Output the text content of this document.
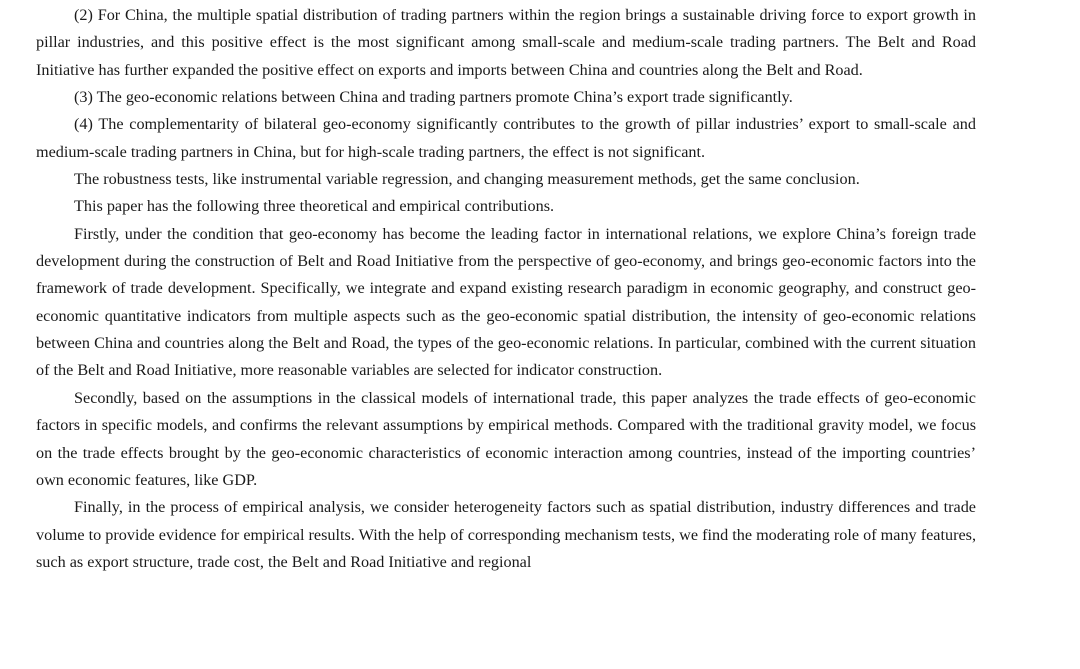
(2) For China, the multiple spatial distribution of trading partners within the region brings a sustainable driving force to export growth in pillar industries, and this positive effect is the most significant among small-scale and medium-scale trading partners. The Belt and Road Initiative has further expanded the positive effect on exports and imports between China and countries along the Belt and Road.

(3) The geo-economic relations between China and trading partners promote China’s export trade significantly.

(4) The complementarity of bilateral geo-economy significantly contributes to the growth of pillar industries’ export to small-scale and medium-scale trading partners in China, but for high-scale trading partners, the effect is not significant.

The robustness tests, like instrumental variable regression, and changing measurement methods, get the same conclusion.

This paper has the following three theoretical and empirical contributions.

Firstly, under the condition that geo-economy has become the leading factor in international relations, we explore China’s foreign trade development during the construction of Belt and Road Initiative from the perspective of geo-economy, and brings geo-economic factors into the framework of trade development. Specifically, we integrate and expand existing research paradigm in economic geography, and construct geo-economic quantitative indicators from multiple aspects such as the geo-economic spatial distribution, the intensity of geo-economic relations between China and countries along the Belt and Road, the types of the geo-economic relations. In particular, combined with the current situation of the Belt and Road Initiative, more reasonable variables are selected for indicator construction.

Secondly, based on the assumptions in the classical models of international trade, this paper analyzes the trade effects of geo-economic factors in specific models, and confirms the relevant assumptions by empirical methods. Compared with the traditional gravity model, we focus on the trade effects brought by the geo-economic characteristics of economic interaction among countries, instead of the importing countries’ own economic features, like GDP.

Finally, in the process of empirical analysis, we consider heterogeneity factors such as spatial distribution, industry differences and trade volume to provide evidence for empirical results. With the help of corresponding mechanism tests, we find the moderating role of many features, such as export structure, trade cost, the Belt and Road Initiative and regional
